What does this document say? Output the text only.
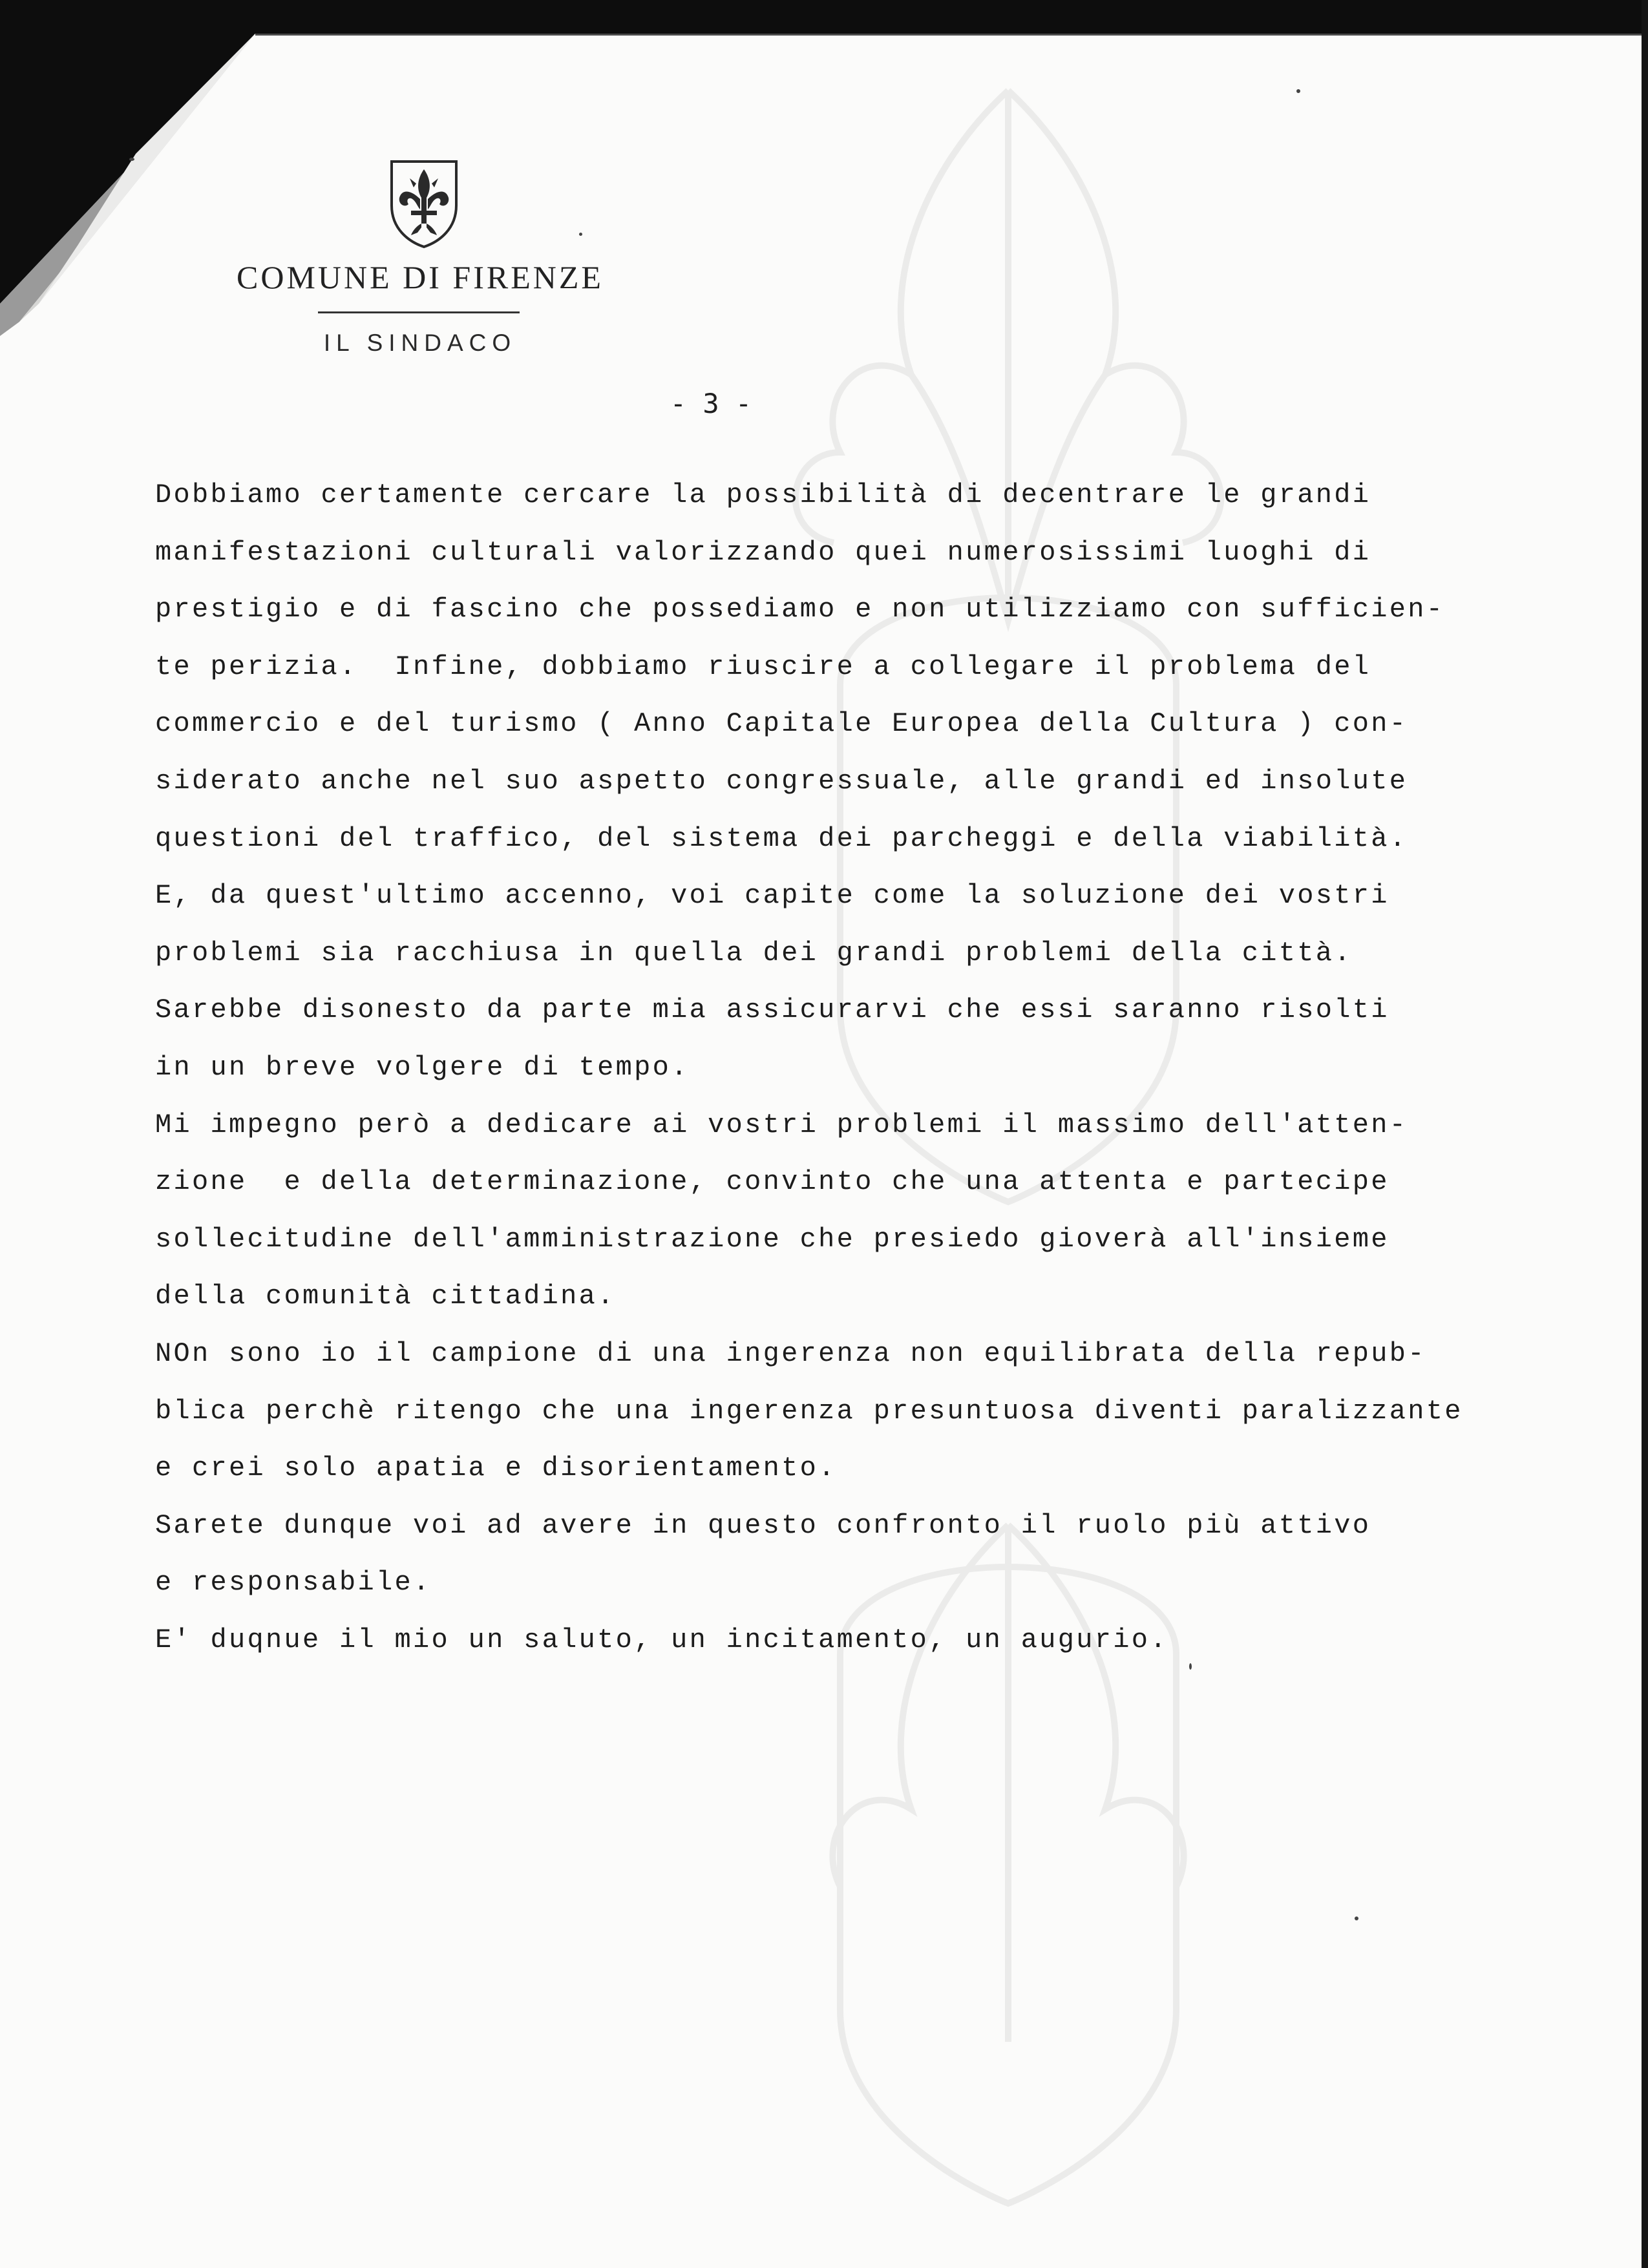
COMUNE DI FIRENZE
IL SINDACO
- 3 -
Dobbiamo certamente cercare la possibilità di decentrare le grandi
manifestazioni culturali valorizzando quei numerosissimi luoghi di
prestigio e di fascino che possediamo e non utilizziamo con sufficien-
te perizia.  Infine, dobbiamo riuscire a collegare il problema del
commercio e del turismo ( Anno Capitale Europea della Cultura ) con-
siderato anche nel suo aspetto congressuale, alle grandi ed insolute
questioni del traffico, del sistema dei parcheggi e della viabilità.
E, da quest'ultimo accenno, voi capite come la soluzione dei vostri
problemi sia racchiusa in quella dei grandi problemi della città.
Sarebbe disonesto da parte mia assicurarvi che essi saranno risolti
in un breve volgere di tempo.
Mi impegno però a dedicare ai vostri problemi il massimo dell'atten-
zione  e della determinazione, convinto che una attenta e partecipe
sollecitudine dell'amministrazione che presiedo gioverà all'insieme
della comunità cittadina.
NOn sono io il campione di una ingerenza non equilibrata della repub-
blica perchè ritengo che una ingerenza presuntuosa diventi paralizzante
e crei solo apatia e disorientamento.
Sarete dunque voi ad avere in questo confronto il ruolo più attivo
e responsabile.
E' duqnue il mio un saluto, un incitamento, un augurio.
